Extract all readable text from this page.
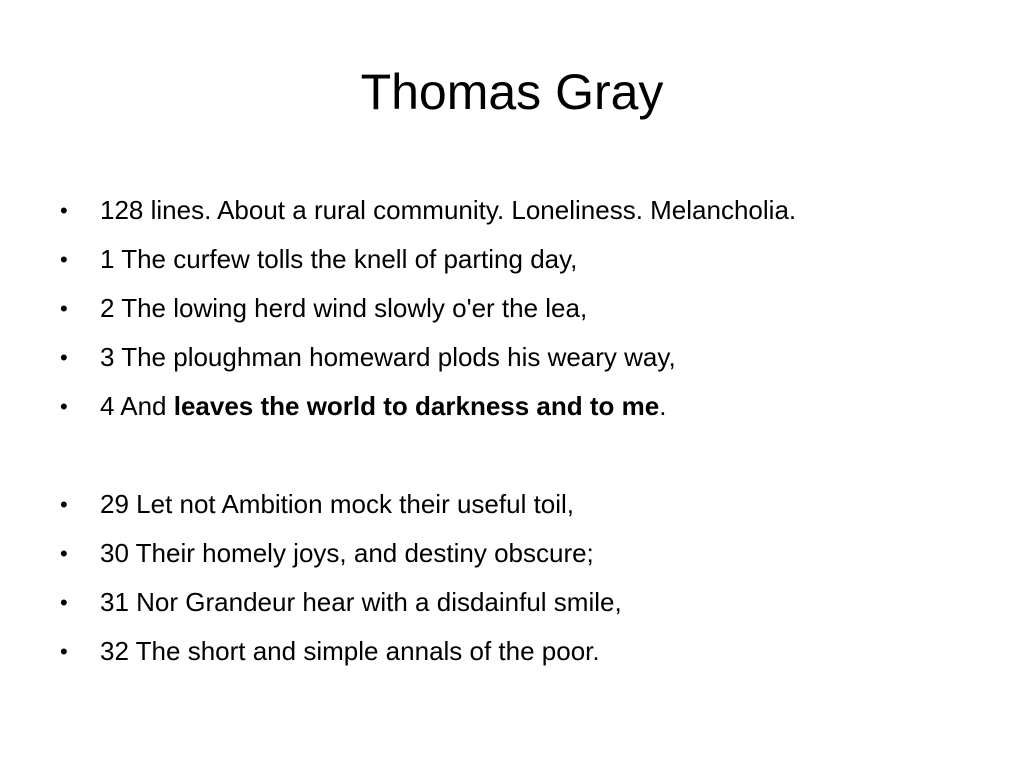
Thomas Gray
•	128 lines. About a rural community. Loneliness. Melancholia.
•	1 The curfew tolls the knell of parting day,
•	2 The lowing herd wind slowly o'er the lea,
•	3 The ploughman homeward plods his weary way,
•	4 And leaves the world to darkness and to me.
•	29 Let not Ambition mock their useful toil,
•	30 Their homely joys, and destiny obscure;
•	31 Nor Grandeur hear with a disdainful smile,
•	32 The short and simple annals of the poor.
